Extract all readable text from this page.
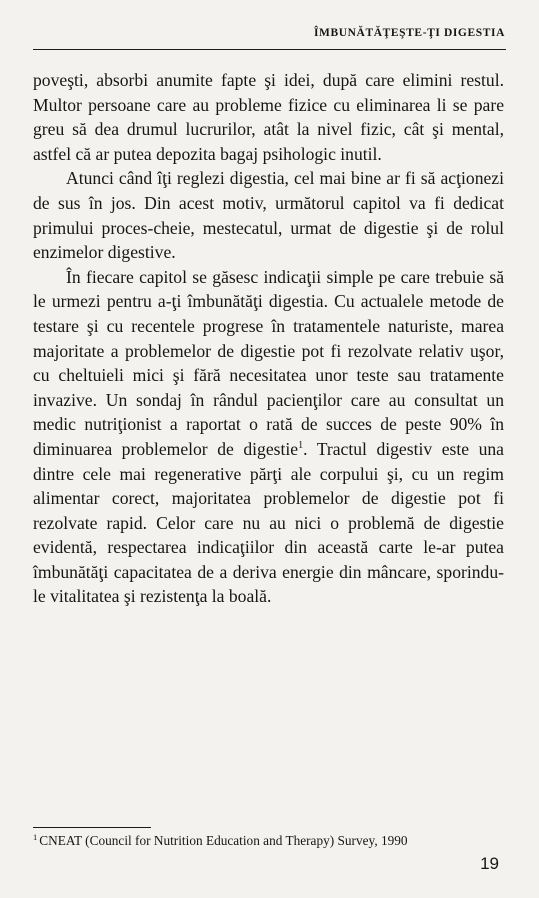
ÎMBUNĂTĂŢEŞTE-ŢI DIGESTIA

poveşti, absorbi anumite fapte şi idei, după care elimini restul. Multor persoane care au probleme fizice cu eliminarea li se pare greu să dea drumul lucrurilor, atât la nivel fizic, cât şi mental, astfel că ar putea depozita bagaj psihologic inutil.

Atunci când îţi reglezi digestia, cel mai bine ar fi să acţionezi de sus în jos. Din acest motiv, următorul capitol va fi dedicat primului proces-cheie, mestecatul, urmat de digestie şi de rolul enzimelor digestive.

În fiecare capitol se găsesc indicaţii simple pe care trebuie să le urmezi pentru a-ţi îmbunătăţi digestia. Cu actualele metode de testare şi cu recentele progrese în tratamentele naturiste, marea majoritate a problemelor de digestie pot fi rezolvate relativ uşor, cu cheltuieli mici şi fără necesitatea unor teste sau tratamente invazive. Un sondaj în rândul pacienţilor care au consultat un medic nutriţionist a raportat o rată de succes de peste 90% în diminuarea problemelor de digestie$^1$. Tractul digestiv este una dintre cele mai regenerative părţi ale corpului şi, cu un regim alimentar corect, majoritatea problemelor de digestie pot fi rezolvate rapid. Celor care nu au nici o problemă de digestie evidentă, respectarea indicaţiilor din această carte le-ar putea îmbunătăţi capacitatea de a deriva energie din mâncare, sporindu-le vitalitatea şi rezistenţa la boală.

$^1$ CNEAT (Council for Nutrition Education and Therapy) Survey, 1990
19
